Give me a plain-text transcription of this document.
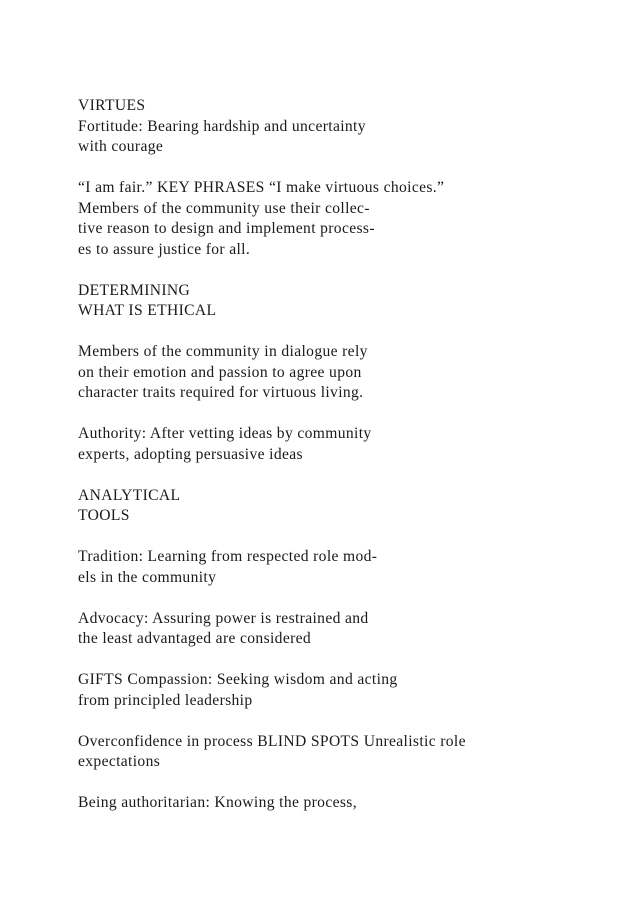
VIRTUES
Fortitude: Bearing hardship and uncertainty
with courage

“I am fair.” KEY PHRASES “I make virtuous choices.”
Members of the community use their collec-
tive reason to design and implement process-
es to assure justice for all.

DETERMINING
WHAT IS ETHICAL

Members of the community in dialogue rely
on their emotion and passion to agree upon
character traits required for virtuous living.

Authority: After vetting ideas by community
experts, adopting persuasive ideas

ANALYTICAL
TOOLS

Tradition: Learning from respected role mod-
els in the community

Advocacy: Assuring power is restrained and
the least advantaged are considered

GIFTS Compassion: Seeking wisdom and acting
from principled leadership

Overconfidence in process BLIND SPOTS Unrealistic role
expectations

Being authoritarian: Knowing the process,
